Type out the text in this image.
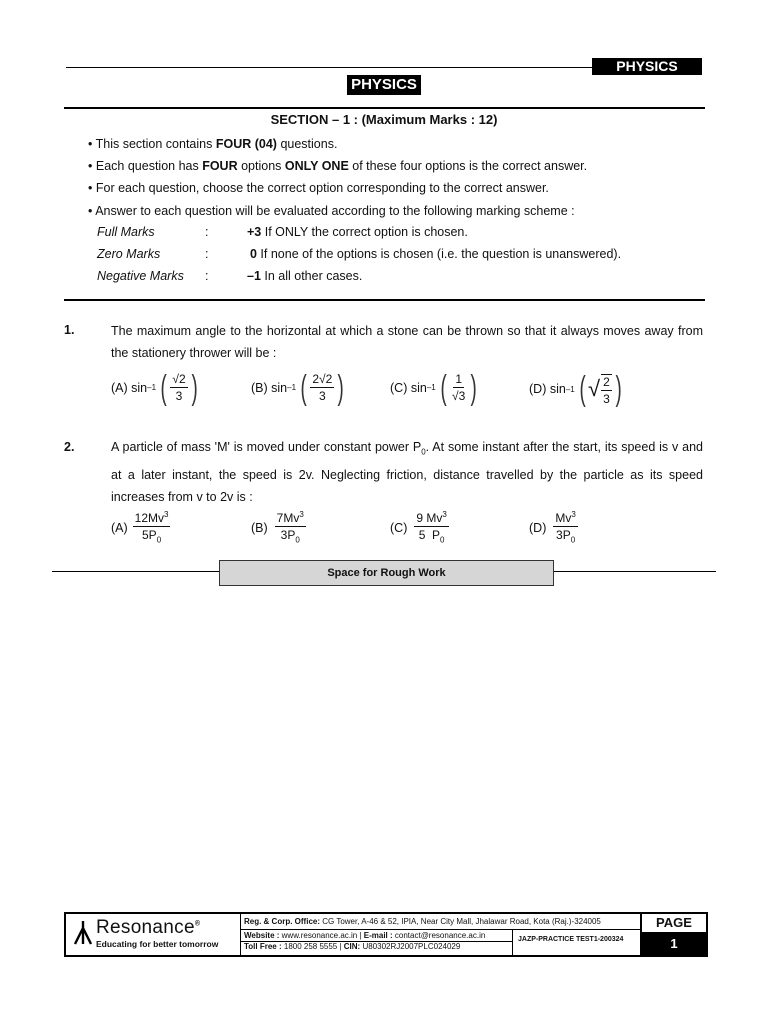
PHYSICS
PHYSICS
SECTION – 1 : (Maximum Marks : 12)
• This section contains FOUR (04) questions.
• Each question has FOUR options ONLY ONE of these four options is the correct answer.
• For each question, choose the correct option corresponding to the correct answer.
• Answer to each question will be evaluated according to the following marking scheme :
Full Marks	:	+3 If ONLY the correct option is chosen.
Zero Marks	:	0 If none of the options is chosen (i.e. the question is unanswered).
Negative Marks :	–1 In all other cases.
1.	The maximum angle to the horizontal at which a stone can be thrown so that it always moves away from the stationery thrower will be :
(A) sin –1 ( $\frac{√2}{3}$ )	(B) sin –1 ( $\frac{2√2}{3}$ )	(C) sin –1 ( $\frac{1}{√3}$ )	(D) sin –1 ( √ $\frac{2}{3}$ )
2.	A particle of mass 'M' is moved under constant power $P_0$. At some instant after the start, its speed is v and at a later instant, the speed is 2v. Neglecting friction, distance travelled by the particle as its speed increases from v to 2v is :
$(A) \frac{12Mv^3}{5P_0}$	$(B) \frac{7Mv^3}{3P_0}$	$(C) \frac{9 Mv^3}{5 P_0}$	$(D) \frac{Mv^3}{3P_0}$
Space for Rough Work
Resonance®
Educating for better tomorrow
Reg. & Corp. Office: CG Tower, A-46 & 52, IPIA, Near City Mall, Jhalawar Road, Kota (Raj.)-324005
Website : www.resonance.ac.in | E-mail : contact@resonance.ac.in
Toll Free : 1800 258 5555 | CIN: U80302RJ2007PLC024029
JAZP-PRACTICE TEST1-200324
PAGE
1
